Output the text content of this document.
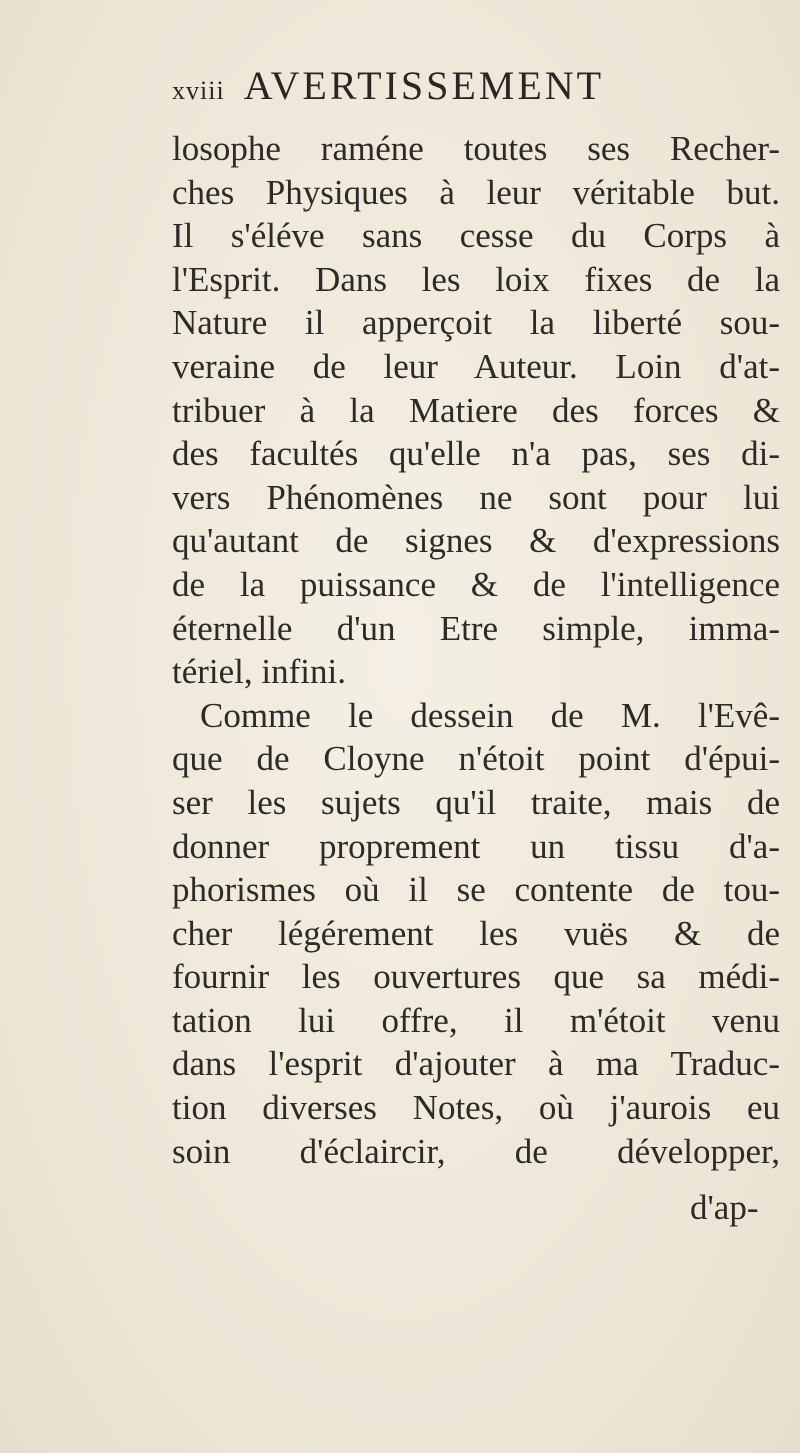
xviii AVERTISSEMENT
losophe raméne toutes ses Recher-
ches Physiques à leur véritable but.
Il s'éléve sans cesse du Corps à
l'Esprit. Dans les loix fixes de la
Nature il apperçoit la liberté sou-
veraine de leur Auteur. Loin d'at-
tribuer à la Matiere des forces &
des facultés qu'elle n'a pas, ses di-
vers Phénomènes ne sont pour lui
qu'autant de signes & d'expressions
de la puissance & de l'intelligence
éternelle d'un Etre simple, imma-
tériel, infini.
Comme le dessein de M. l'Evê-
que de Cloyne n'étoit point d'épui-
ser les sujets qu'il traite, mais de
donner proprement un tissu d'a-
phorismes où il se contente de tou-
cher légérement les vuës & de
fournir les ouvertures que sa médi-
tation lui offre, il m'étoit venu
dans l'esprit d'ajouter à ma Traduc-
tion diverses Notes, où j'aurois eu
soin d'éclaircir, de développer,
d'ap-
